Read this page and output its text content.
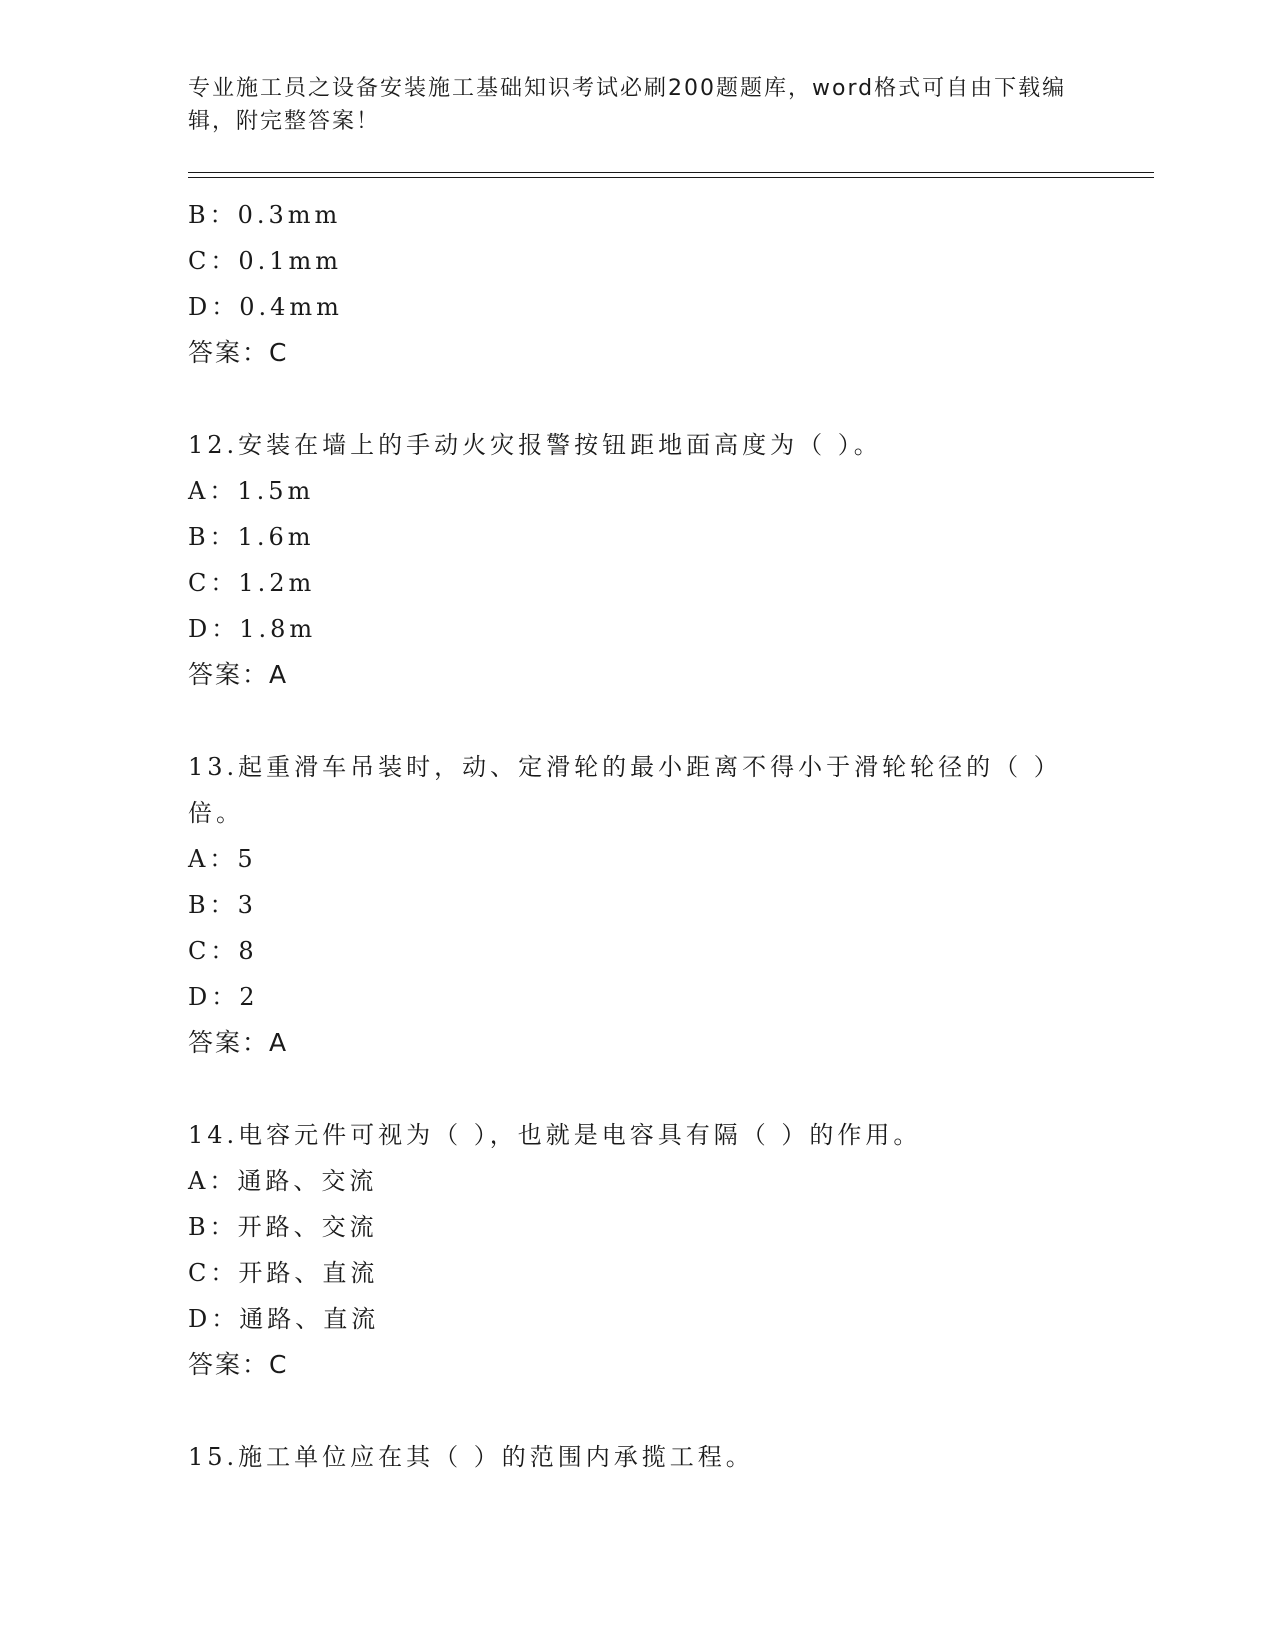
专业施工员之设备安装施工基础知识考试必刷200题题库，word格式可自由下载编辑，附完整答案！
B：0.3mm
C：0.1mm
D：0.4mm
答案：C
12.安装在墙上的手动火灾报警按钮距地面高度为（ ）。
A：1.5m
B：1.6m
C：1.2m
D：1.8m
答案：A
13.起重滑车吊装时，动、定滑轮的最小距离不得小于滑轮轮径的（ ）倍。
A：5
B：3
C：8
D：2
答案：A
14.电容元件可视为（ ），也就是电容具有隔（ ）的作用。
A：通路、交流
B：开路、交流
C：开路、直流
D：通路、直流
答案：C
15.施工单位应在其（ ）的范围内承揽工程。
